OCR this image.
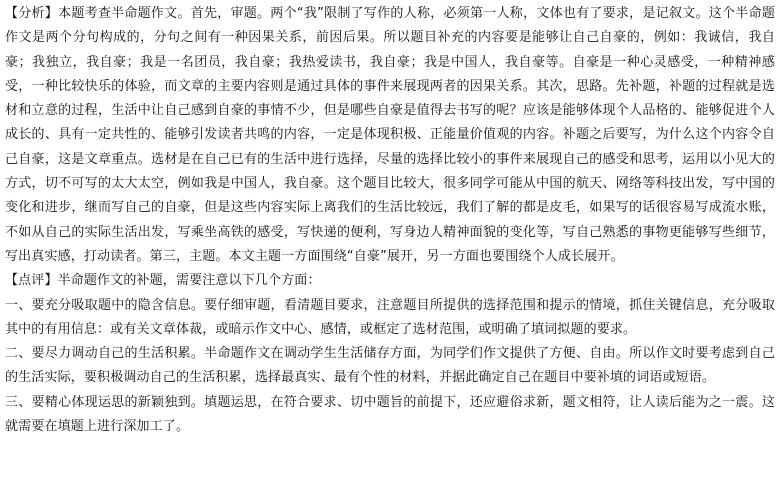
【分析】本题考查半命题作文。首先，审题。两个“我”限制了写作的人称，必须第一人称，文体也有了要求，是记叙文。这个半命题作文是两个分句构成的，分句之间有一种因果关系，前因后果。所以题目补充的内容要是能够让自己自豪的，例如：我诚信，我自豪；我独立，我自豪；我是一名团员，我自豪；我热爱读书，我自豪；我是中国人，我自豪等。自豪是一种心灵感受，一种精神感受，一种比较快乐的体验，而文章的主要内容则是通过具体的事件来展现两者的因果关系。其次，思路。先补题，补题的过程就是选材和立意的过程，生活中让自己感到自豪的事情不少，但是哪些自豪是值得去书写的呢？应该是能够体现个人品格的、能够促进个人成长的、具有一定共性的、能够引发读者共鸣的内容，一定是体现积极、正能量价值观的内容。补题之后要写，为什么这个内容令自己自豪，这是文章重点。选材是在自己已有的生活中进行选择，尽量的选择比较小的事件来展现自己的感受和思考，运用以小见大的方式，切不可写的太大太空，例如我是中国人，我自豪。这个题目比较大，很多同学可能从中国的航天、网络等科技出发，写中国的变化和进步，继而写自己的自豪，但是这些内容实际上离我们的生活比较远，我们了解的都是皮毛，如果写的话很容易写成流水账，不如从自己的实际生活出发，写乘坐高铁的感受，写快递的便利，写身边人精神面貌的变化等，写自己熟悉的事物更能够写些细节，写出真实感，打动读者。第三，主题。本文主题一方面围绕“自豪”展开，另一方面也要围绕个人成长展开。

【点评】半命题作文的补题，需要注意以下几个方面：

一、要充分吸取题中的隐含信息。要仔细审题，看清题目要求，注意题目所提供的选择范围和提示的情境，抓住关键信息，充分吸取其中的有用信息：或有关文章体裁，或暗示作文中心、感情，或框定了选材范围，或明确了填词拟题的要求。

二、要尽力调动自己的生活积累。半命题作文在调动学生生活储存方面，为同学们作文提供了方便、自由。所以作文时要考虑到自己的生活实际，要积极调动自己的生活积累，选择最真实、最有个性的材料，并据此确定自己在题目中要补填的词语或短语。

三、要精心体现运思的新颖独到。填题运思，在符合要求、切中题旨的前提下，还应避俗求新，题文相符，让人读后能为之一震。这就需要在填题上进行深加工了。
